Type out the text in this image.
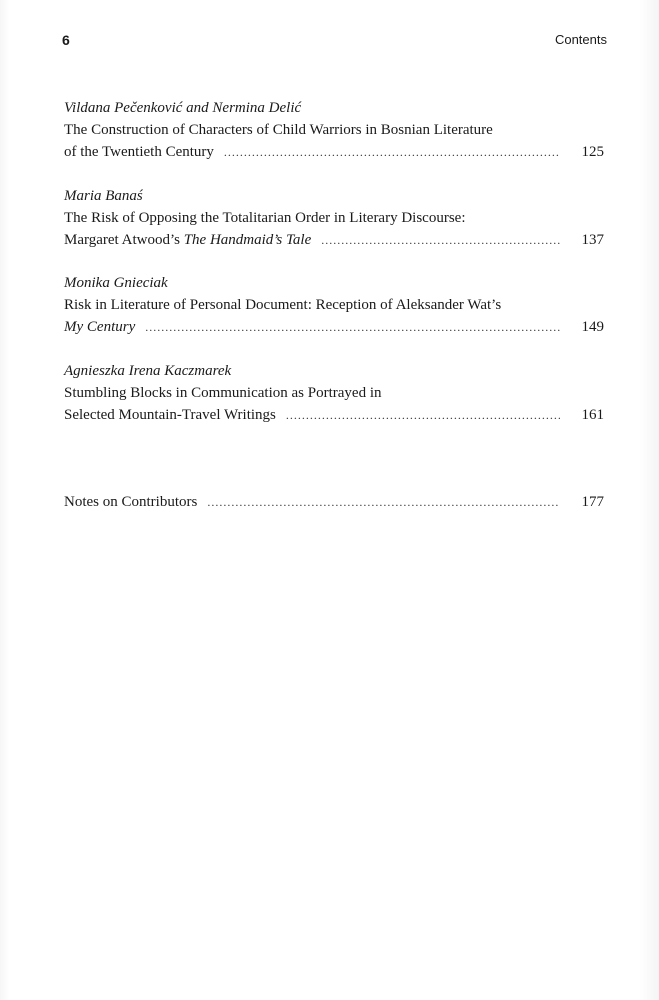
6	Contents
Vildana Pečenković and Nermina Delić
The Construction of Characters of Child Warriors in Bosnian Literature
of the Twentieth Century .....	125
Maria Banaś
The Risk of Opposing the Totalitarian Order in Literary Discourse:
Margaret Atwood’s The Handmaid’s Tale .....	137
Monika Gnieciak
Risk in Literature of Personal Document: Reception of Aleksander Wat’s
My Century .....	149
Agnieszka Irena Kaczmarek
Stumbling Blocks in Communication as Portrayed in
Selected Mountain-Travel Writings .....	161
Notes on Contributors .....	177
